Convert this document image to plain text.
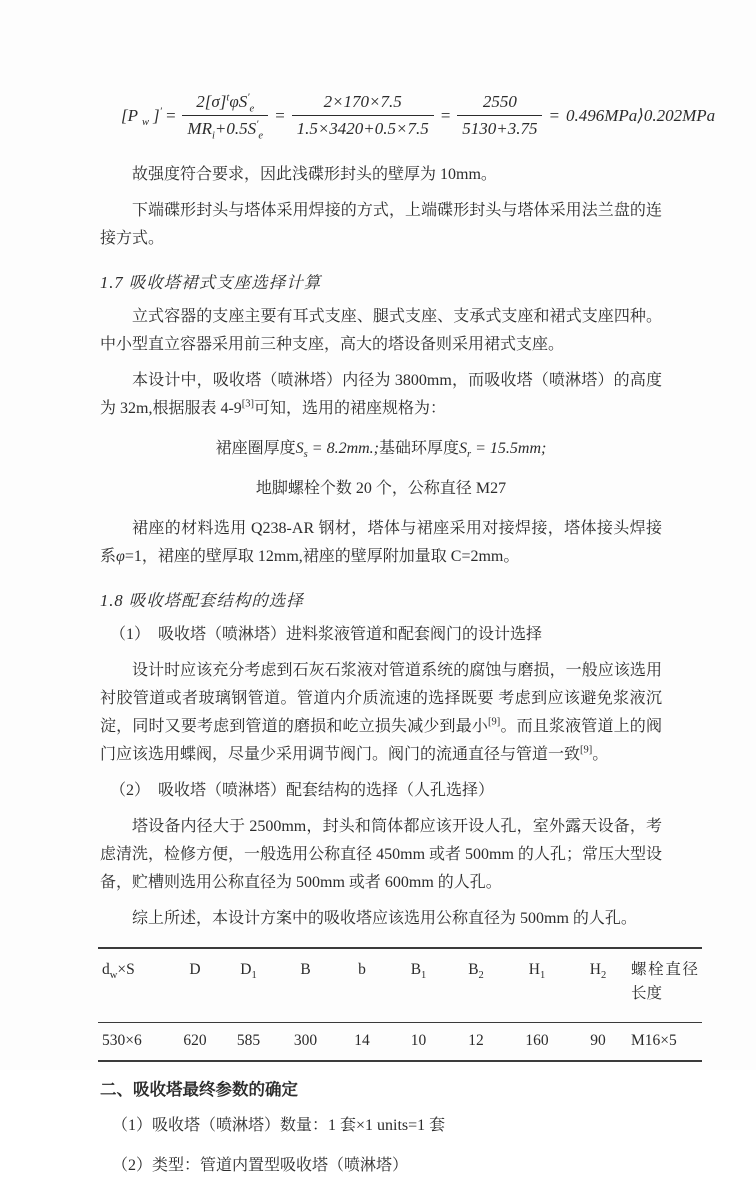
[P $_w$ ]$' = \frac{2[\sigma]^t\varphi S'_e}{MR_i+0.5S'_e} = \frac{2\times 170\times 7.5}{1.5\times 3420+0.5\times 7.5} = \frac{2550}{5130+3.75}$ = 0.496MPa⟩0.202MPa

故强度符合要求，因此浅碟形封头的壁厚为 10mm。

下端碟形封头与塔体采用焊接的方式，上端碟形封头与塔体采用法兰盘的连接方式。

1.7 吸收塔裙式支座选择计算

立式容器的支座主要有耳式支座、腿式支座、支承式支座和裙式支座四种。中小型直立容器采用前三种支座，高大的塔设备则采用裙式支座。

本设计中，吸收塔（喷淋塔）内径为 3800mm，而吸收塔（喷淋塔）的高度为 32m,根据服表 4-9[3]可知，选用的裙座规格为：

裙座圈厚度$S_s = 8.2mm$.;基础环厚度$S_r = 15.5mm$;
地脚螺栓个数 20 个，公称直径 M27

裙座的材料选用 Q238-AR 钢材，塔体与裙座采用对接焊接，塔体接头焊接系φ=1，裙座的壁厚取 12mm,裙座的壁厚附加量取 C=2mm。

1.8 吸收塔配套结构的选择

（1）　吸收塔（喷淋塔）进料浆液管道和配套阀门的设计选择

设计时应该充分考虑到石灰石浆液对管道系统的腐蚀与磨损，一般应该选用衬胶管道或者玻璃钢管道。管道内介质流速的选择既要 考虑到应该避免浆液沉淀，同时又要考虑到管道的磨损和屹立损失减少到最小[9]。而且浆液管道上的阀门应该选用蝶阀，尽量少采用调节阀门。阀门的流通直径与管道一致[9]。

（2）　吸收塔（喷淋塔）配套结构的选择（人孔选择）

塔设备内径大于 2500mm，封头和筒体都应该开设人孔，室外露天设备，考虑清洗，检修方便，一般选用公称直径 450mm 或者 500mm 的人孔；常压大型设备，贮槽则选用公称直径为 500mm 或者 600mm 的人孔。

综上所述，本设计方案中的吸收塔应该选用公称直径为 500mm 的人孔。

$d_w\times S$	D	$D_1$	B	b	$B_1$	$B_2$	$H_1$	$H_2$	螺栓直径长度
530×6	620	585	300	14	10	12	160	90	M16×5
二、吸收塔最终参数的确定

（1）吸收塔（喷淋塔）数量：1 套×1 units=1 套

（2）类型：管道内置型吸收塔（喷淋塔）
